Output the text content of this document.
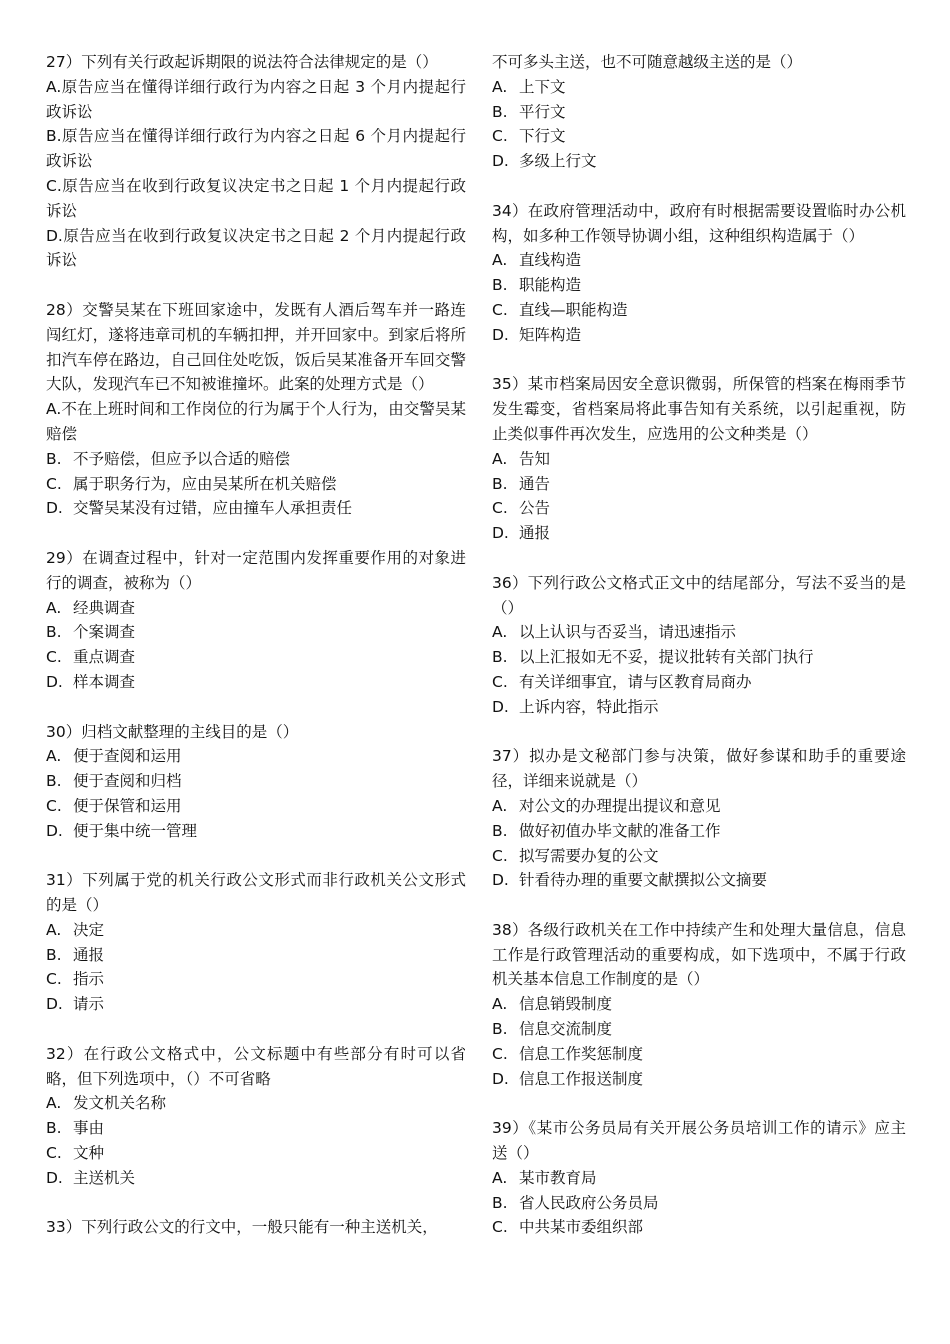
27）下列有关行政起诉期限的说法符合法律规定的是（）
A.原告应当在懂得详细行政行为内容之日起 3 个月内提起行政诉讼
B.原告应当在懂得详细行政行为内容之日起 6 个月内提起行政诉讼
C.原告应当在收到行政复议决定书之日起 1 个月内提起行政诉讼
D.原告应当在收到行政复议决定书之日起 2 个月内提起行政诉讼
28）交警吴某在下班回家途中，发既有人酒后驾车并一路连闯红灯，遂将违章司机的车辆扣押，并开回家中。到家后将所扣汽车停在路边，自己回住处吃饭，饭后吴某准备开车回交警大队，发现汽车已不知被谁撞坏。此案的处理方式是（）
A.不在上班时间和工作岗位的行为属于个人行为，由交警吴某赔偿
B. 不予赔偿，但应予以合适的赔偿
C. 属于职务行为，应由吴某所在机关赔偿
D. 交警吴某没有过错，应由撞车人承担责任
29）在调查过程中，针对一定范围内发挥重要作用的对象进行的调查，被称为（）
A. 经典调查
B. 个案调查
C. 重点调查
D. 样本调查
30）归档文献整理的主线目的是（）
A. 便于查阅和运用
B. 便于查阅和归档
C. 便于保管和运用
D. 便于集中统一管理
31）下列属于党的机关行政公文形式而非行政机关公文形式的是（）
A. 决定
B. 通报
C. 指示
D. 请示
32）在行政公文格式中，公文标题中有些部分有时可以省略，但下列选项中，（）不可省略
A. 发文机关名称
B. 事由
C. 文种
D. 主送机关
33）下列行政公文的行文中，一般只能有一种主送机关，
不可多头主送，也不可随意越级主送的是（）
A. 上下文
B. 平行文
C. 下行文
D. 多级上行文
34）在政府管理活动中，政府有时根据需要设置临时办公机构，如多种工作领导协调小组，这种组织构造属于（）
A. 直线构造
B. 职能构造
C. 直线—职能构造
D. 矩阵构造
35）某市档案局因安全意识微弱，所保管的档案在梅雨季节发生霉变，省档案局将此事告知有关系统，以引起重视，防止类似事件再次发生，应选用的公文种类是（）
A. 告知
B. 通告
C. 公告
D. 通报
36）下列行政公文格式正文中的结尾部分，写法不妥当的是（）
A. 以上认识与否妥当，请迅速指示
B. 以上汇报如无不妥，提议批转有关部门执行
C. 有关详细事宜，请与区教育局商办
D. 上诉内容，特此指示
37）拟办是文秘部门参与决策，做好参谋和助手的重要途径，详细来说就是（）
A. 对公文的办理提出提议和意见
B. 做好初值办毕文献的准备工作
C. 拟写需要办复的公文
D. 针看待办理的重要文献撰拟公文摘要
38）各级行政机关在工作中持续产生和处理大量信息，信息工作是行政管理活动的重要构成，如下选项中，不属于行政机关基本信息工作制度的是（）
A. 信息销毁制度
B. 信息交流制度
C. 信息工作奖惩制度
D. 信息工作报送制度
39）《某市公务员局有关开展公务员培训工作的请示》应主送（）
A. 某市教育局
B. 省人民政府公务员局
C. 中共某市委组织部
